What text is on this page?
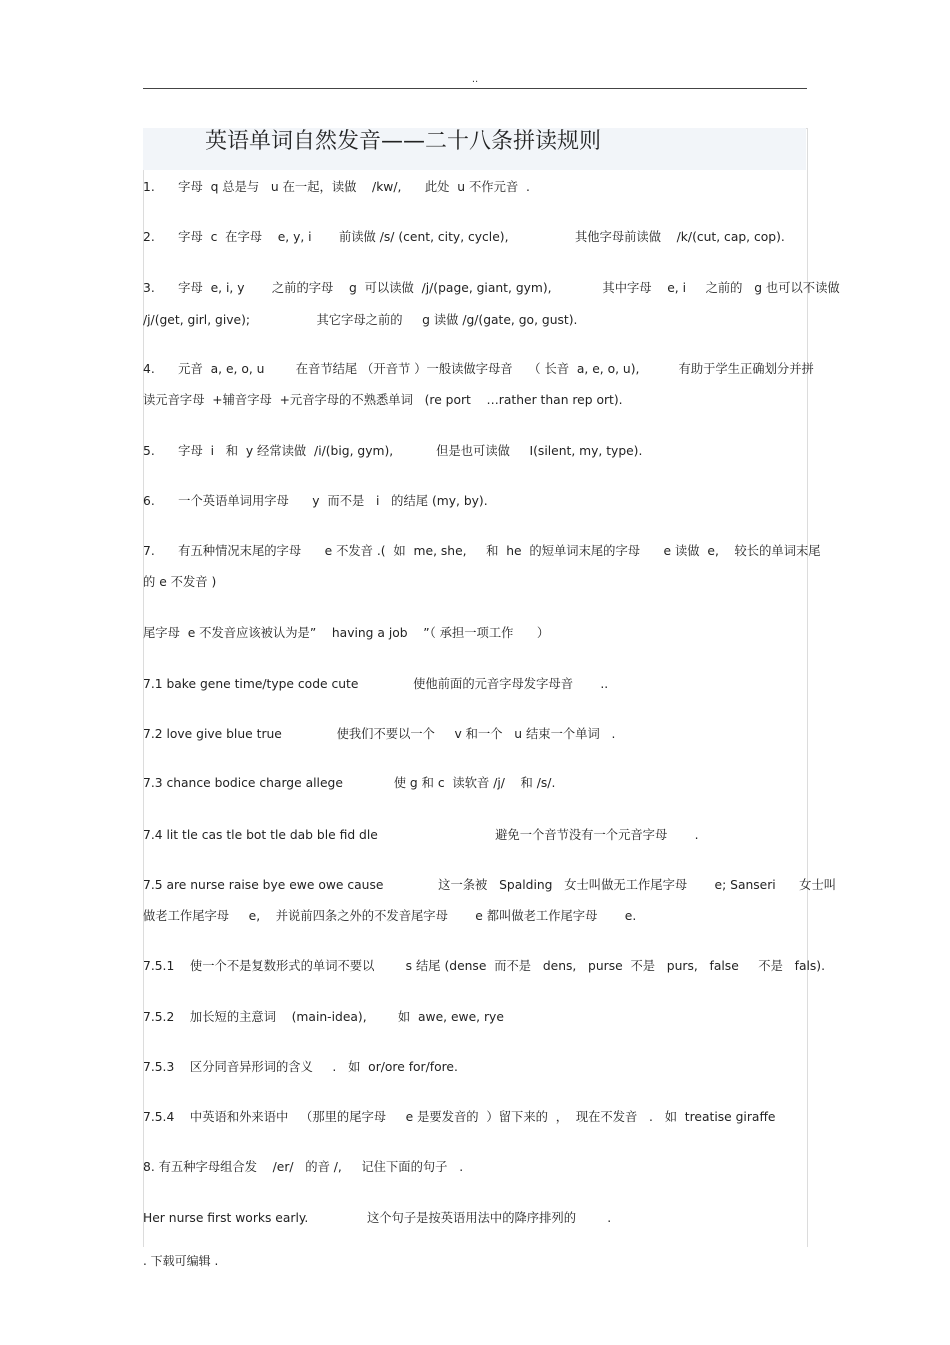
..
英语单词自然发音——二十八条拼读规则
1.      字母  q 总是与   u 在一起，读做    /kw/,      此处  u 不作元音  .
2.      字母  c  在字母    e, y, i       前读做 /s/ (cent, city, cycle),                 其他字母前读做    /k/(cut, cap, cop).
3.      字母  e, i, y       之前的字母    g  可以读做  /j/(page, giant, gym),             其中字母    e, i     之前的   g 也可以不读做
/j/(get, girl, give);                 其它字母之前的     g 读做 /g/(gate, go, gust).
4.      元音  a, e, o, u        在音节结尾 （开音节 ）一般读做字母音    （ 长音  a, e, o, u),          有助于学生正确划分并拼
读元音字母  +辅音字母  +元音字母的不熟悉单词   (re port    …rather than rep ort).
5.      字母  i   和  y 经常读做  /i/(big, gym),           但是也可读做     I(silent, my, type).
6.      一个英语单词用字母      y  而不是   i   的结尾 (my, by).
7.      有五种情况末尾的字母      e 不发音 .(  如  me, she,     和  he  的短单词末尾的字母      e 读做  e,    较长的单词末尾
的 e 不发音 )
尾字母  e 不发音应该被认为是”    having a job    ”（ 承担一项工作      ）
7.1 bake gene time/type code cute              使他前面的元音字母发字母音       ..
7.2 love give blue true              使我们不要以一个     v 和一个   u 结束一个单词   .
7.3 chance bodice charge allege             使 g 和 c  读软音 /j/    和 /s/.
7.4 lit tle cas tle bot tle dab ble fid dle                              避免一个音节没有一个元音字母       .
7.5 are nurse raise bye ewe owe cause              这一条被   Spalding   女士叫做无工作尾字母       e; Sanseri      女士叫
做老工作尾字母     e,    并说前四条之外的不发音尾字母       e 都叫做老工作尾字母       e.
7.5.1    使一个不是复数形式的单词不要以        s 结尾 (dense  而不是   dens,   purse  不是   purs,   false     不是   fals).
7.5.2    加长短的主意词    (main-idea),        如  awe, ewe, rye
7.5.3    区分同音异形词的含义     .   如  or/ore for/fore.
7.5.4    中英语和外来语中   （那里的尾字母     e 是要发音的  ）留下来的  ，  现在不发音   .   如  treatise giraffe
8. 有五种字母组合发    /er/   的音 /,     记住下面的句子   .
Her nurse first works early.               这个句子是按英语用法中的降序排列的        .
. 下载可编辑 .
